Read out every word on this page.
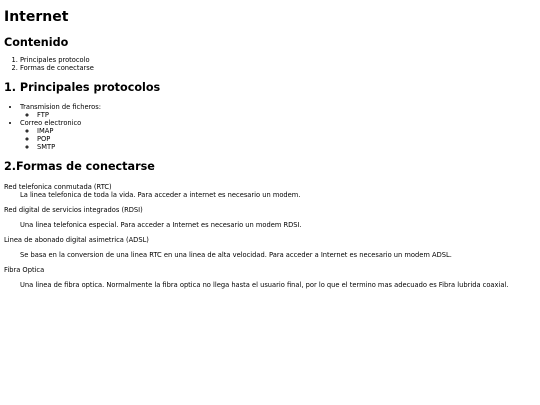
Internet
Contenido
1. Principales protocolo
2. Formas de conectarse
1. Principales protocolos
• Transmision de ficheros:
◦ FTP
• Correo electronico
◦ IMAP
◦ POP
◦ SMTP
2.Formas de conectarse

Red telefonica conmutada (RTC)

La linea telefonica de toda la vida. Para acceder a internet es necesario un modem.

Red digital de servicios integrados (RDSI)

Una linea telefonica especial. Para acceder a Internet es necesario un modem RDSI.

Linea de abonado digital asimetrica (ADSL)

Se basa en la conversion de una linea RTC en una linea de alta velocidad. Para acceder a Internet es necesario un modem ADSL.

Fibra Optica

Una linea de fibra optica. Normalmente la fibra optica no llega hasta el usuario final, por lo que el termino mas adecuado es Fibra lubrida coaxial.
